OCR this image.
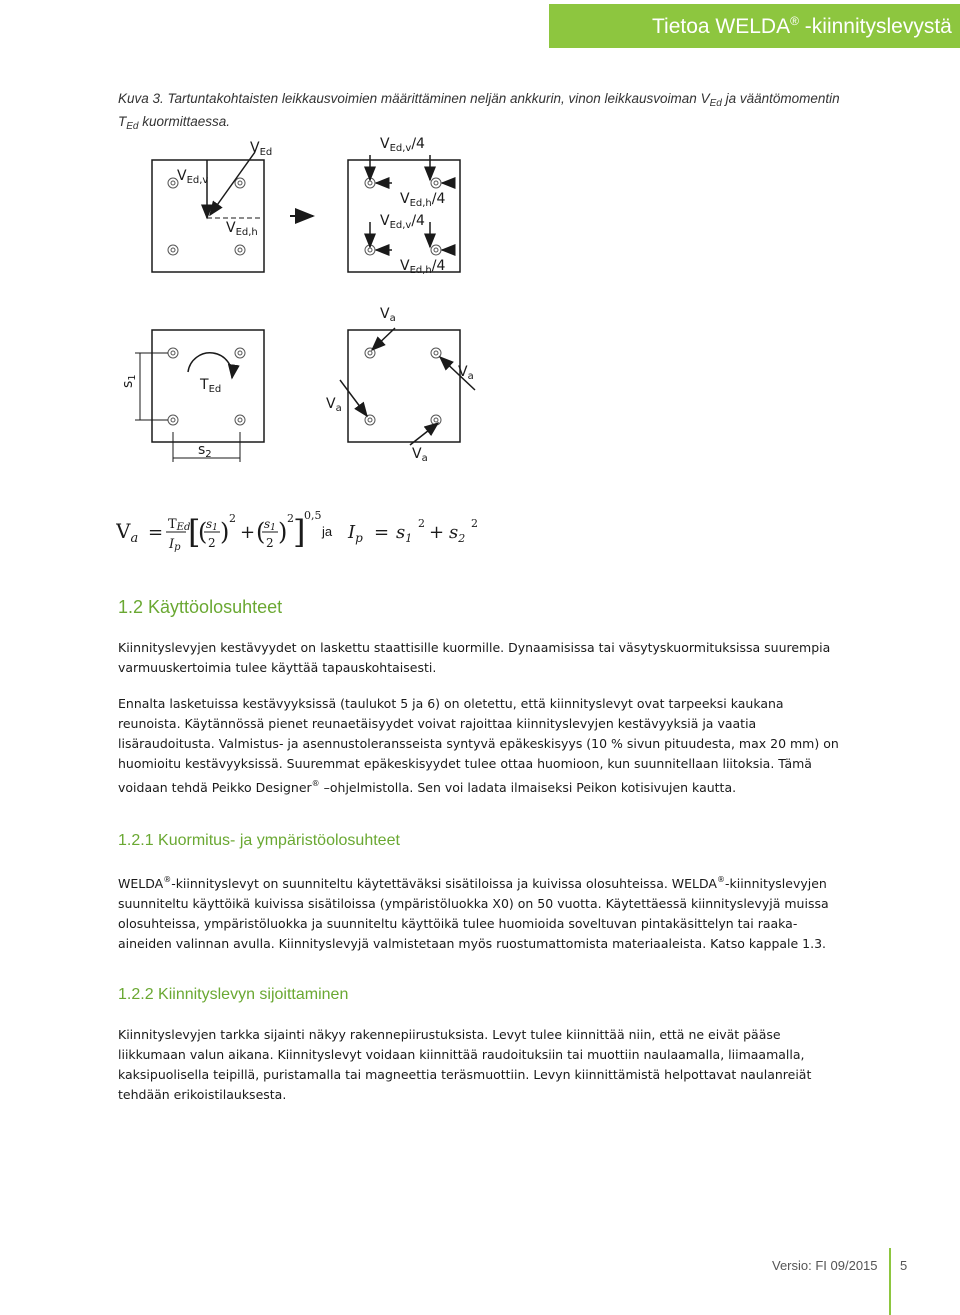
Tietoa WELDA® -kiinnityslevystä
Kuva 3. Tartuntakohtaisten leikkausvoimien määrittäminen neljän ankkurin, vinon leikkausvoiman $V_{Ed}$ ja vääntömomentin $T_{Ed}$ kuormittaessa.
$V_{Ed}$
$V_{Ed,v}$
$V_{Ed,h}$
$V_{Ed,v}/4$
$V_{Ed,h}/4$
$V_{Ed,v}/4$
$V_{Ed,h}/4$
$T_{Ed}$
$s_1$
$s_2$
$V_a$
$V_a$
$V_a$
$V_a$
$V_a$ = TEd
Ip [
(
s1
2 ) 2
+ (
s1
2 ) 2 ]
0,5
ja $I_p = s_1$
$2 + s_2$
2
1.2 Käyttöolosuhteet
Kiinnityslevyjen kestävyydet on laskettu staattisille kuormille. Dynaamisissa tai väsytyskuormituksissa suurempia varmuuskertoimia tulee käyttää tapauskohtaisesti.
Ennalta lasketuissa kestävyyksissä (taulukot 5 ja 6) on oletettu, että kiinnityslevyt ovat tarpeeksi kaukana reunoista. Käytännössä pienet reunaetäisyydet voivat rajoittaa kiinnityslevyjen kestävyyksiä ja vaatia lisäraudoitusta. Valmistus- ja asennustoleransseista syntyvä epäkeskisyys (10 % sivun pituudesta, max 20 mm) on huomioitu kestävyyksissä. Suuremmat epäkeskisyydet tulee ottaa huomioon, kun suunnitellaan liitoksia. Tämä voidaan tehdä Peikko Designer® –ohjelmistolla. Sen voi ladata ilmaiseksi Peikon kotisivujen kautta.
1.2.1 Kuormitus- ja ympäristöolosuhteet
WELDA®-kiinnityslevyt on suunniteltu käytettäväksi sisätiloissa ja kuivissa olosuhteissa. WELDA®-kiinnityslevyjen suunniteltu käyttöikä kuivissa sisätiloissa (ympäristöluokka X0) on 50 vuotta. Käytettäessä kiinnityslevyjä muissa olosuhteissa, ympäristöluokka ja suunniteltu käyttöikä tulee huomioida soveltuvan pintakäsittelyn tai raaka-aineiden valinnan avulla. Kiinnityslevyjä valmistetaan myös ruostumattomista materiaaleista. Katso kappale 1.3.
1.2.2 Kiinnityslevyn sijoittaminen
Kiinnityslevyjen tarkka sijainti näkyy rakennepiirustuksista. Levyt tulee kiinnittää niin, että ne eivät pääse liikkumaan valun aikana. Kiinnityslevyt voidaan kiinnittää raudoituksiin tai muottiin naulaamalla, liimaamalla, kaksipuolisella teipillä, puristamalla tai magneettia teräsmuottiin. Levyn kiinnittämistä helpottavat naulanreiät tehdään erikoistilauksesta.
Versio: FI 09/2015 5
